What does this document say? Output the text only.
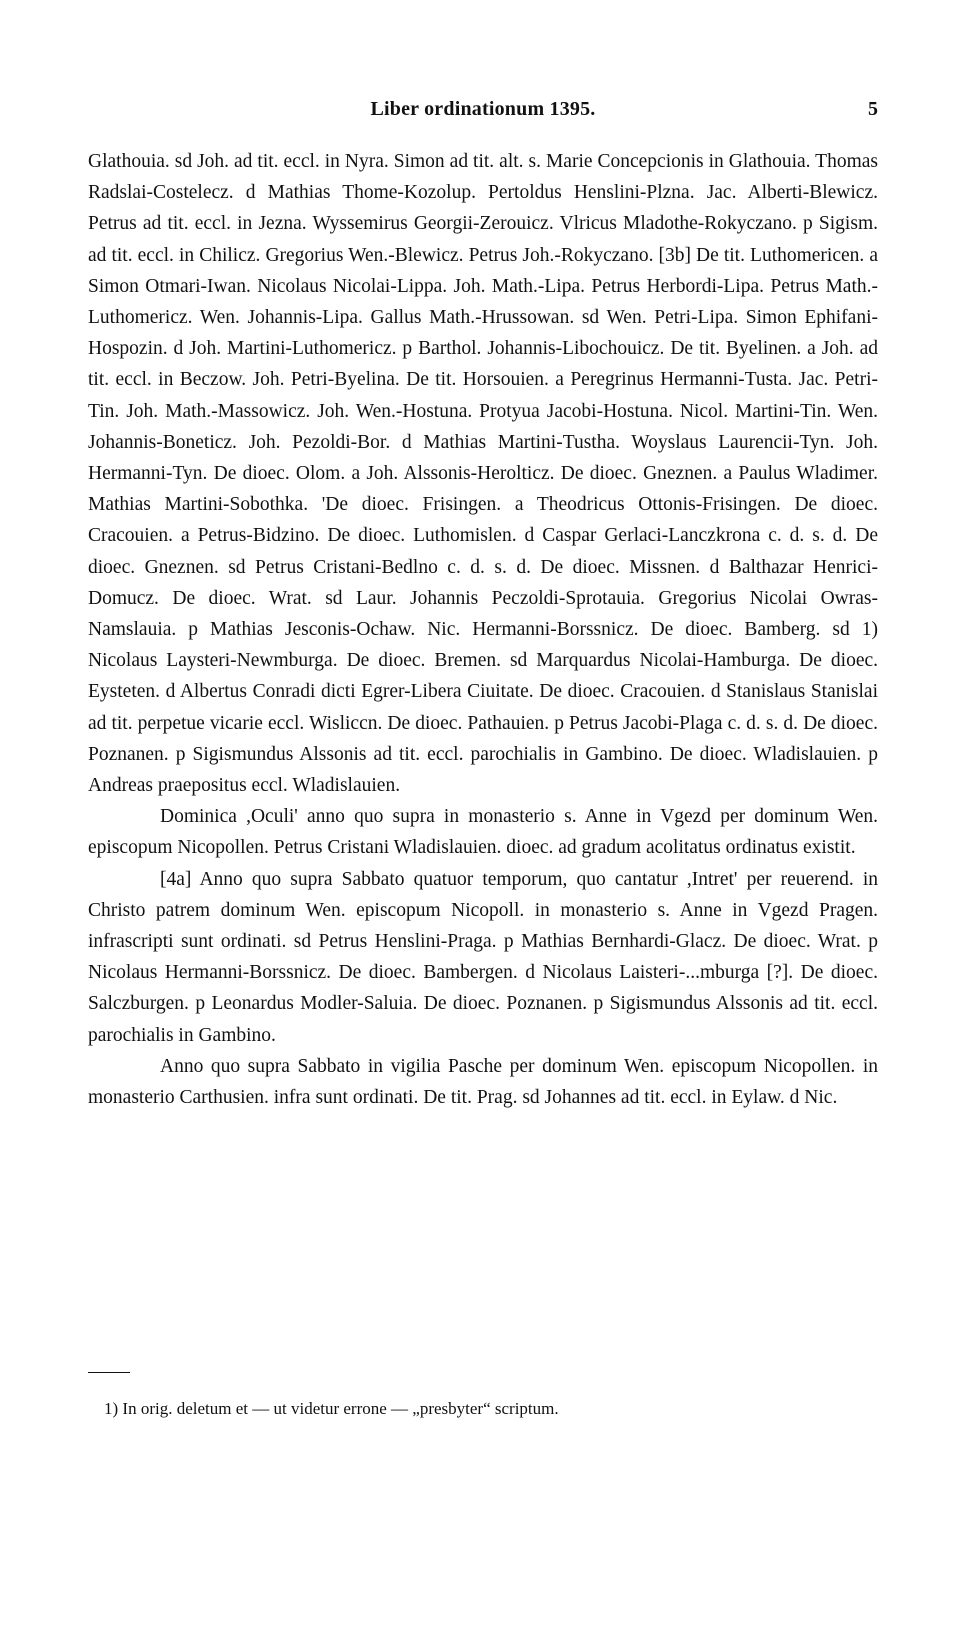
Liber ordinationum 1395.	5

Glathouia. sd Joh. ad tit. eccl. in Nyra. Simon ad tit. alt. s. Marie Concepcionis in Glathouia. Thomas Radslai-Costelecz. d Mathias Thome-Kozolup. Pertoldus Henslini-Plzna. Jac. Alberti-Blewicz. Petrus ad tit. eccl. in Jezna. Wyssemirus Georgii-Zerouicz. Vlricus Mladothe-Rokyczano. p Sigism. ad tit. eccl. in Chilicz. Gregorius Wen.-Blewicz. Petrus Joh.-Rokyczano. [3b] De tit. Luthomericen. a Simon Otmari-Iwan. Nicolaus Nicolai-Lippa. Joh. Math.-Lipa. Petrus Herbordi-Lipa. Petrus Math.-Luthomericz. Wen. Johannis-Lipa. Gallus Math.-Hrussowan. sd Wen. Petri-Lipa. Simon Ephifani-Hospozin. d Joh. Martini-Luthomericz. p Barthol. Johannis-Libochouicz. De tit. Byelinen. a Joh. ad tit. eccl. in Beczow. Joh. Petri-Byelina. De tit. Horsouien. a Peregrinus Hermanni-Tusta. Jac. Petri-Tin. Joh. Math.-Massowicz. Joh. Wen.-Hostuna. Protyua Jacobi-Hostuna. Nicol. Martini-Tin. Wen. Johannis-Boneticz. Joh. Pezoldi-Bor. d Mathias Martini-Tustha. Woyslaus Laurencii-Tyn. Joh. Hermanni-Tyn. De dioec. Olom. a Joh. Alssonis-Herolticz. De dioec. Gneznen. a Paulus Wladimer. Mathias Martini-Sobothka. 'De dioec. Frisingen. a Theodricus Ottonis-Frisingen. De dioec. Cracouien. a Petrus-Bidzino. De dioec. Luthomislen. d Caspar Gerlaci-Lanczkrona c. d. s. d. De dioec. Gneznen. sd Petrus Cristani-Bedlno c. d. s. d. De dioec. Missnen. d Balthazar Henrici-Domucz. De dioec. Wrat. sd Laur. Johannis Peczoldi-Sprotauia. Gregorius Nicolai Owras-Namslauia. p Mathias Jesconis-Ochaw. Nic. Hermanni-Borssnicz. De dioec. Bamberg. sd 1) Nicolaus Laysteri-Newmburga. De dioec. Bremen. sd Marquardus Nicolai-Hamburga. De dioec. Eysteten. d Albertus Conradi dicti Egrer-Libera Ciuitate. De dioec. Cracouien. d Stanislaus Stanislai ad tit. perpetue vicarie eccl. Wisliccn. De dioec. Pathauien. p Petrus Jacobi-Plaga c. d. s. d. De dioec. Poznanen. p Sigismundus Alssonis ad tit. eccl. parochialis in Gambino. De dioec. Wladislauien. p Andreas praepositus eccl. Wladislauien.

Dominica ,Oculi' anno quo supra in monasterio s. Anne in Vgezd per dominum Wen. episcopum Nicopollen. Petrus Cristani Wladislauien. dioec. ad gradum acolitatus ordinatus existit.

[4a] Anno quo supra Sabbato quatuor temporum, quo cantatur ,Intret' per reuerend. in Christo patrem dominum Wen. episcopum Nicopoll. in monasterio s. Anne in Vgezd Pragen. infrascripti sunt ordinati. sd Petrus Henslini-Praga. p Mathias Bernhardi-Glacz. De dioec. Wrat. p Nicolaus Hermanni-Borssnicz. De dioec. Bambergen. d Nicolaus Laisteri-...mburga [?]. De dioec. Salczburgen. p Leonardus Modler-Saluia. De dioec. Poznanen. p Sigismundus Alssonis ad tit. eccl. parochialis in Gambino.

Anno quo supra Sabbato in vigilia Pasche per dominum Wen. episcopum Nicopollen. in monasterio Carthusien. infra sunt ordinati. De tit. Prag. sd Johannes ad tit. eccl. in Eylaw. d Nic.

1) In orig. deletum et — ut videtur errone — „presbyter“ scriptum.
